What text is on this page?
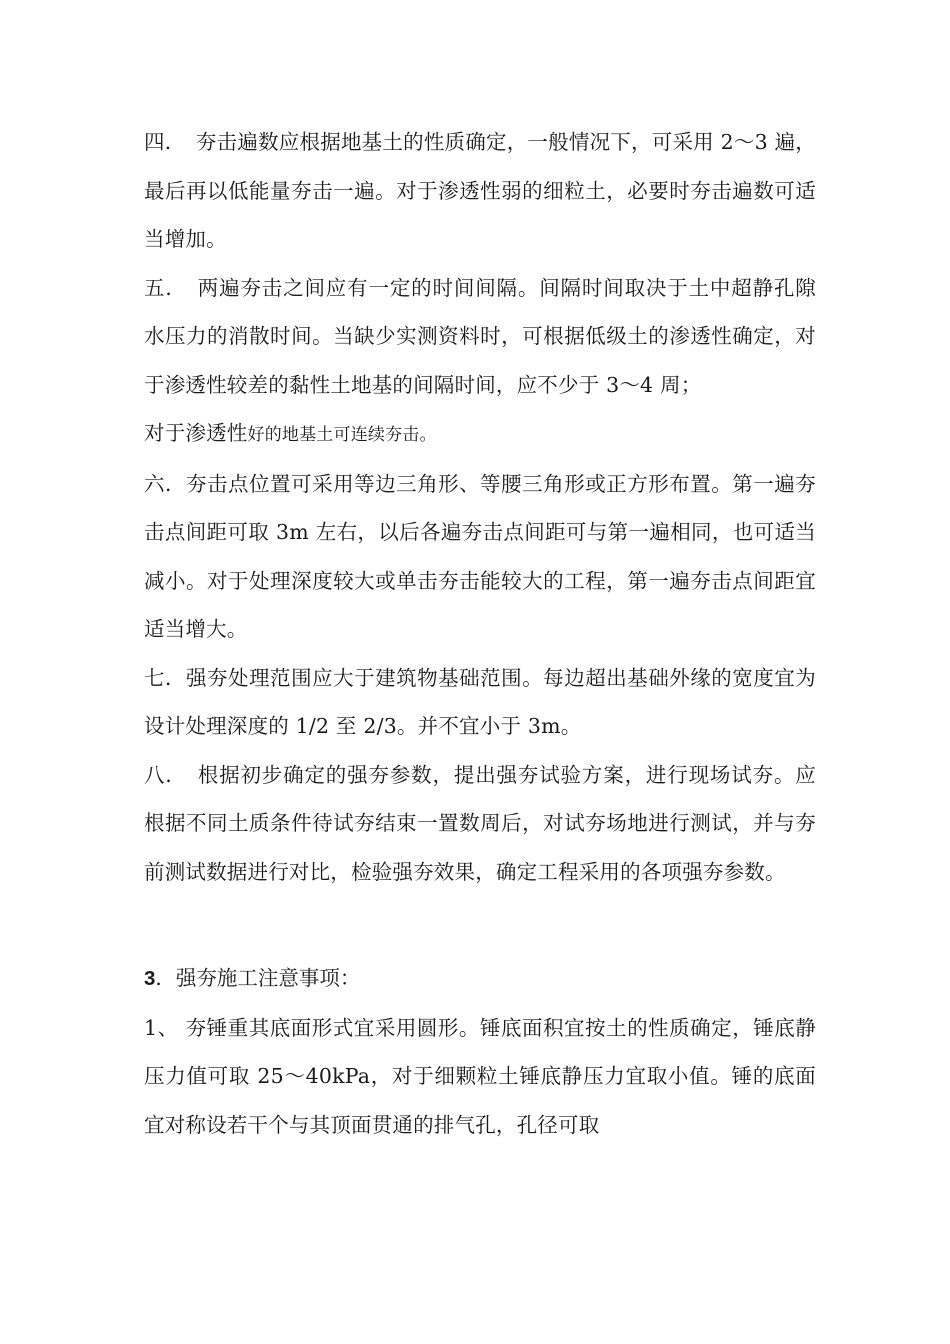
四．　夯击遍数应根据地基土的性质确定，一般情况下，可采用 2～3 遍，最后再以低能量夯击一遍。对于渗透性弱的细粒土，必要时夯击遍数可适当增加。

五．　两遍夯击之间应有一定的时间间隔。间隔时间取决于土中超静孔隙水压力的消散时间。当缺少实测资料时，可根据低级土的渗透性确定，对于渗透性较差的黏性土地基的间隔时间，应不少于 3～4 周；
对于渗透性好的地基土可连续夯击。

六．夯击点位置可采用等边三角形、等腰三角形或正方形布置。第一遍夯击点间距可取 3m 左右，以后各遍夯击点间距可与第一遍相同，也可适当减小。对于处理深度较大或单击夯击能较大的工程，第一遍夯击点间距宜适当增大。

七．强夯处理范围应大于建筑物基础范围。每边超出基础外缘的宽度宜为设计处理深度的 1/2 至 2/3。并不宜小于 3m。

八．　根据初步确定的强夯参数，提出强夯试验方案，进行现场试夯。应根据不同土质条件待试夯结束一置数周后，对试夯场地进行测试，并与夯前测试数据进行对比，检验强夯效果，确定工程采用的各项强夯参数。

3．强夯施工注意事项：

1、 夯锤重其底面形式宜采用圆形。锤底面积宜按土的性质确定，锤底静压力值可取 25～40kPa，对于细颗粒土锤底静压力宜取小值。锤的底面宜对称设若干个与其顶面贯通的排气孔，孔径可取
